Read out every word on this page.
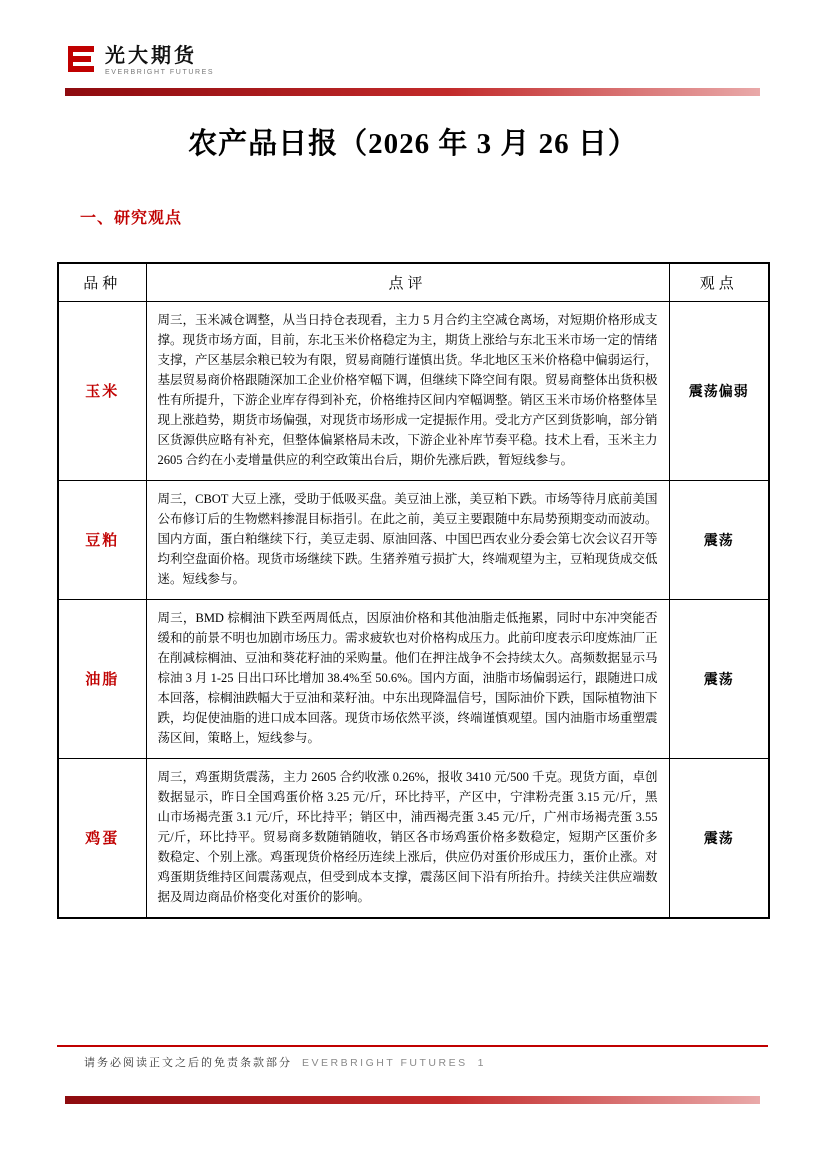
光大期货
EVERBRIGHT FUTURES
农产品日报（2026 年 3 月 26 日）
一、研究观点
品种	点评	观点
玉米	周三，玉米减仓调整，从当日持仓表现看，主力 5 月合约主空减仓离场，对短期价格形成支撑。现货市场方面，目前，东北玉米价格稳定为主，期货上涨给与东北玉米市场一定的情绪支撑，产区基层余粮已较为有限，贸易商随行谨慎出货。华北地区玉米价格稳中偏弱运行，基层贸易商价格跟随深加工企业价格窄幅下调，但继续下降空间有限。贸易商整体出货积极性有所提升，下游企业库存得到补充，价格维持区间内窄幅调整。销区玉米市场价格整体呈现上涨趋势，期货市场偏强，对现货市场形成一定提振作用。受北方产区到货影响，部分销区货源供应略有补充，但整体偏紧格局未改，下游企业补库节奏平稳。技术上看，玉米主力 2605 合约在小麦增量供应的利空政策出台后，期价先涨后跌，暂短线参与。	震荡偏弱
豆粕	周三，CBOT 大豆上涨，受助于低吸买盘。美豆油上涨，美豆粕下跌。市场等待月底前美国公布修订后的生物燃料掺混目标指引。在此之前，美豆主要跟随中东局势预期变动而波动。国内方面，蛋白粕继续下行，美豆走弱、原油回落、中国巴西农业分委会第七次会议召开等均利空盘面价格。现货市场继续下跌。生猪养殖亏损扩大，终端观望为主，豆粕现货成交低迷。短线参与。	震荡
油脂	周三，BMD 棕榈油下跌至两周低点，因原油价格和其他油脂走低拖累，同时中东冲突能否缓和的前景不明也加剧市场压力。需求疲软也对价格构成压力。此前印度表示印度炼油厂正在削减棕榈油、豆油和葵花籽油的采购量。他们在押注战争不会持续太久。高频数据显示马棕油 3 月 1-25 日出口环比增加 38.4%至 50.6%。国内方面，油脂市场偏弱运行，跟随进口成本回落，棕榈油跌幅大于豆油和菜籽油。中东出现降温信号，国际油价下跌，国际植物油下跌，均促使油脂的进口成本回落。现货市场依然平淡，终端谨慎观望。国内油脂市场重塑震荡区间，策略上，短线参与。	震荡
鸡蛋	周三，鸡蛋期货震荡，主力 2605 合约收涨 0.26%，报收 3410 元/500 千克。现货方面，卓创数据显示，昨日全国鸡蛋价格 3.25 元/斤，环比持平，产区中，宁津粉壳蛋 3.15 元/斤，黑山市场褐壳蛋 3.1 元/斤，环比持平；销区中，浦西褐壳蛋 3.45 元/斤，广州市场褐壳蛋 3.55 元/斤，环比持平。贸易商多数随销随收，销区各市场鸡蛋价格多数稳定，短期产区蛋价多数稳定、个别上涨。鸡蛋现货价格经历连续上涨后，供应仍对蛋价形成压力，蛋价止涨。对鸡蛋期货维持区间震荡观点，但受到成本支撑，震荡区间下沿有所抬升。持续关注供应端数据及周边商品价格变化对蛋价的影响。	震荡
请务必阅读正文之后的免责条款部分 EVERBRIGHT FUTURES 1
